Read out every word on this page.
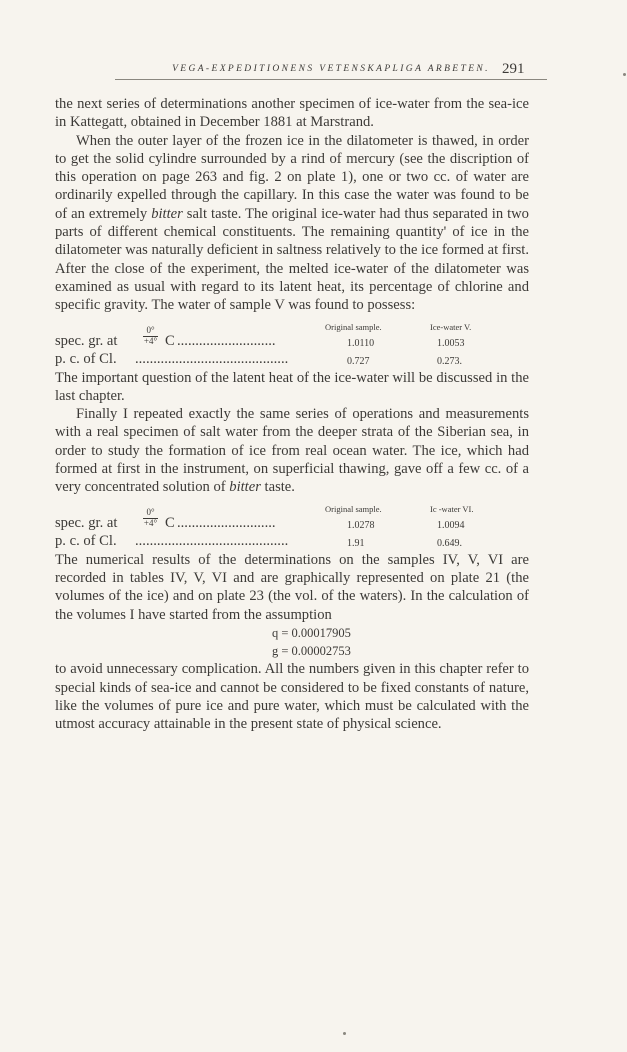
VEGA-EXPEDITIONENS VETENSKAPLIGA ARBETEN. 291

the next series of determinations another specimen of ice-water from the sea-ice in Kattegatt, obtained in December 1881 at Marstrand.

When the outer layer of the frozen ice in the dilatometer is thawed, in order to get the solid cylindre surrounded by a rind of mercury (see the discription of this operation on page 263 and fig. 2 on plate 1), one or two cc. of water are ordinarily expelled through the capillary. In this case the water was found to be of an extremely bitter salt taste. The original ice-water had thus separated in two parts of different chemical constituents. The remaining quantity' of ice in the dilatometer was naturally deficient in saltness relatively to the ice formed at first. After the close of the experiment, the melted ice-water of the dilatometer was examined as usual with regard to its latent heat, its percentage of chlorine and specific gravity. The water of sample V was found to possess:

Original sample.	Ice-water V.
spec. gr. at
0°
+4° C ...........................	1.0110	1.0053
p. c. of Cl. ..........................................	0.727	0.273.

The important question of the latent heat of the ice-water will be discussed in the last chapter.

Finally I repeated exactly the same series of operations and measurements with a real specimen of salt water from the deeper strata of the Siberian sea, in order to study the formation of ice from real ocean water. The ice, which had formed at first in the instrument, on superficial thawing, gave off a few cc. of a very concentrated solution of bitter taste.

Original sample.	Ic -water VI.
spec. gr. at
0°
+4° C ...........................	1.0278	1.0094
p. c. of Cl. ..........................................	1.91	0.649.

The numerical results of the determinations on the samples IV, V, VI are recorded in tables IV, V, VI and are graphically represented on plate 21 (the volumes of the ice) and on plate 23 (the vol. of the waters). In the calculation of the volumes I have started from the assumption

q = 0.00017905

g = 0.00002753

to avoid unnecessary complication. All the numbers given in this chapter refer to special kinds of sea-ice and cannot be considered to be fixed constants of nature, like the volumes of pure ice and pure water, which must be calculated with the utmost accuracy attainable in the present state of physical science.
